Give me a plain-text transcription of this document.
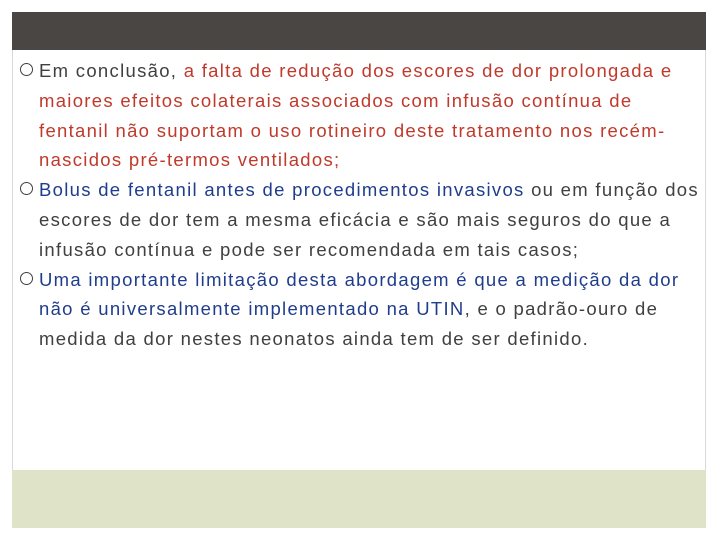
Em conclusão, a falta de redução dos escores de dor prolongada e maiores efeitos colaterais associados com infusão contínua de fentanil não suportam o uso rotineiro deste tratamento nos recém-nascidos pré-termos ventilados;
Bolus de fentanil antes de procedimentos invasivos ou em função dos escores de dor tem a mesma eficácia e são mais seguros do que a infusão contínua e pode ser recomendada em tais casos;
Uma importante limitação desta abordagem é que a medição da dor não é universalmente implementado na UTIN, e o padrão-ouro de medida da dor nestes neonatos ainda tem de ser definido.
